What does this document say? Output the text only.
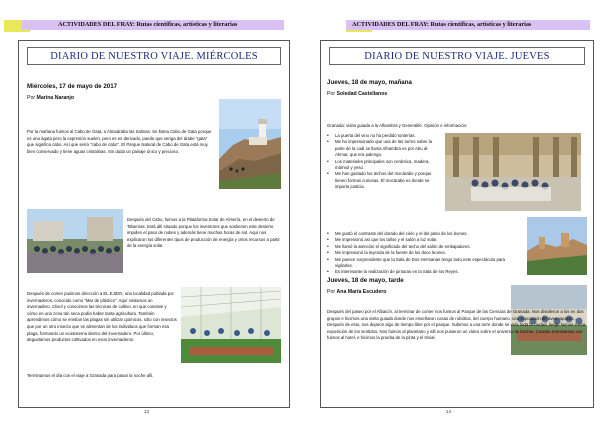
ACTIVIDADES DEL FRAY: Rutas científicas, artísticas y literarias
DIARIO DE NUESTRO VIAJE. MIÉRCOLES
Miércoles, 17 de mayo de 2017
Por Marina Naranjo
Por la mañana fuimos al Cabo de Gata, a Almadraba las Salinas. Se llama Cabo de Gata porque es una ágata pero la expresión suelen, pero es es derivado, puede que venga del árabe "gata" que significa cabo. Así que sería "cabo de cabo". El Parque Natural de Cabo de Gata está muy bien conservado y tiene aguas cristalinas. Sin duda un paisaje único y precioso.
Después del Cabo, fuimos a la Plataforma Solar de Almería, en el desierto de Tabernas. Está allí situado porque los inventores que sostienen este desierto impiden el paso de nubes y además tiene muchas horas de sol. Aquí nos explicaron los diferentes tipos de producción de energía y otros recursos a partir de la energía solar.
Después de comer pusimos dirección a EL EJIDO, una localidad poblada por invernaderos, conocido como "Mar de plástico". Aquí visitamos un invernadero. Clisol y conocimos las técnicas de cultivo, en que consiste y cómo en una zona tan seca podía haber tanta agricultura. También aprendimos cómo se emitían las plagas sin utilizar químicos, sólo con insectos que por un otro insecto que se alimentan de los individuos que forman esa plaga, formando un ecosistema dentro del invernadero. Por último, degustamos productos cultivados en esos invernaderos.
Terminamos el día con el viaje a Granada para pasar la noche allí.
13
ACTIVIDADES DEL FRAY: Rutas científicas, artísticas y literarias
DIARIO DE NUESTRO VIAJE. JUEVES
Jueves, 18 de mayo, mañana
Por Soledad Castellanos
Granada: visita guiada a la Alhambra y Generalife. Opinión e información:
• La puerta del vino no ha perdido tonterías.
• Me ha impresionado que una de las torres sobre la parte de la cuál se llama Alhambra es por Abu al-Ahmar, que era palengo.
• Los materiales principales son cerámica, madera, mármol y yeso.
• Me han gustado los techos del mocárabe y porque tienen formas curiosas. El mocárabe es donde se importa justicia.
• Me gustó el contraste del dorado del cielo y el del patio de los leones.
• Me impresionó así que los tallos y el salón a luz solar.
• Me llamó la atención el significado del techo del salón de embajadores.
• Me impresionó la leyenda de la fuente de los doce leones.
• Me parece sorprendente que la Sala de Dos Hermanas tengo todo este espectáculo para vigilarlas.
• Es interesante la realización de pinturas en la Sala de los Reyes.
Jueves, 18 de mayo, tarde
Por Ana María Escudero
Después del paseo por el Albaicín, al terminar de comer nos fuimos al Parque de las Ciencias de Granada. Nos dividieron a los en dos grupos e hicimos una visita guiada donde nos enseñaron cosas de robótica, del cuerpo humano, una exposición de aves rapaces... Después de esto, nos dejaron algo de tiempo libre por el parque. Subimos a una torre donde se veía toda la ciudad, luego fuimos a una exposición de los sentidos. Nos fuimos al planetario y allí nos pusieron un vídeo sobre el universo de Escher. Cuando terminamos nos fuimos al hotel, e hicimos la prueba de la pinta y el trivial.
14
